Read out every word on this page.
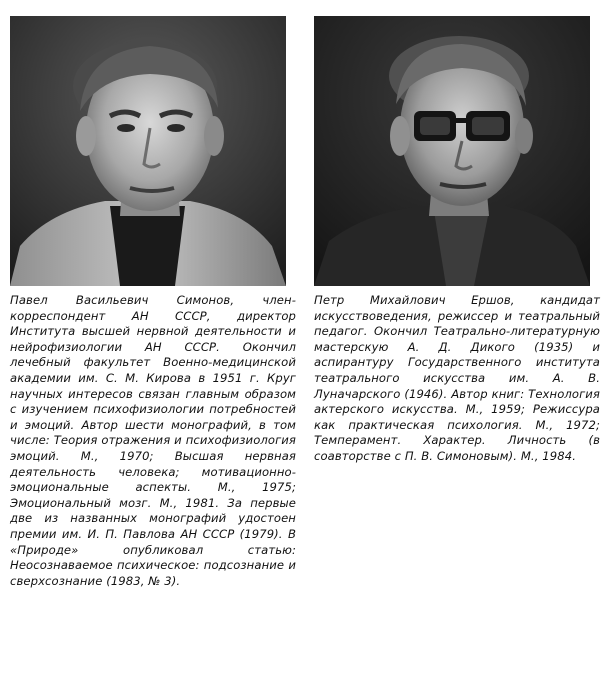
Павел Васильевич Симонов, член-корреспондент АН СССР, директор Института высшей нервной деятельности и нейрофизиологии АН СССР. Окончил лечебный факультет Военно-медицинской академии им. С. М. Кирова в 1951 г. Круг научных интересов связан главным образом с изучением психофизиологии потребностей и эмоций. Автор шести монографий, в том числе: Теория отражения и психофизиология эмоций. М., 1970; Высшая нервная деятельность человека; мотивационно-эмоциональные аспекты. М., 1975; Эмоциональный мозг. М., 1981. За первые две из названных монографий удостоен премии им. И. П. Павлова АН СССР (1979). В «Природе» опубликовал статью: Неосознаваемое психическое: подсознание и сверхсознание (1983, № 3).

Петр Михайлович Ершов, кандидат искусствоведения, режиссер и театральный педагог. Окончил Театрально-литературную мастерскую А. Д. Дикого (1935) и аспирантуру Государственного института театрального искусства им. А. В. Луначарского (1946). Автор книг: Технология актерского искусства. М., 1959; Режиссура как практическая психология. М., 1972; Темперамент. Характер. Личность (в соавторстве с П. В. Симоновым). М., 1984.
